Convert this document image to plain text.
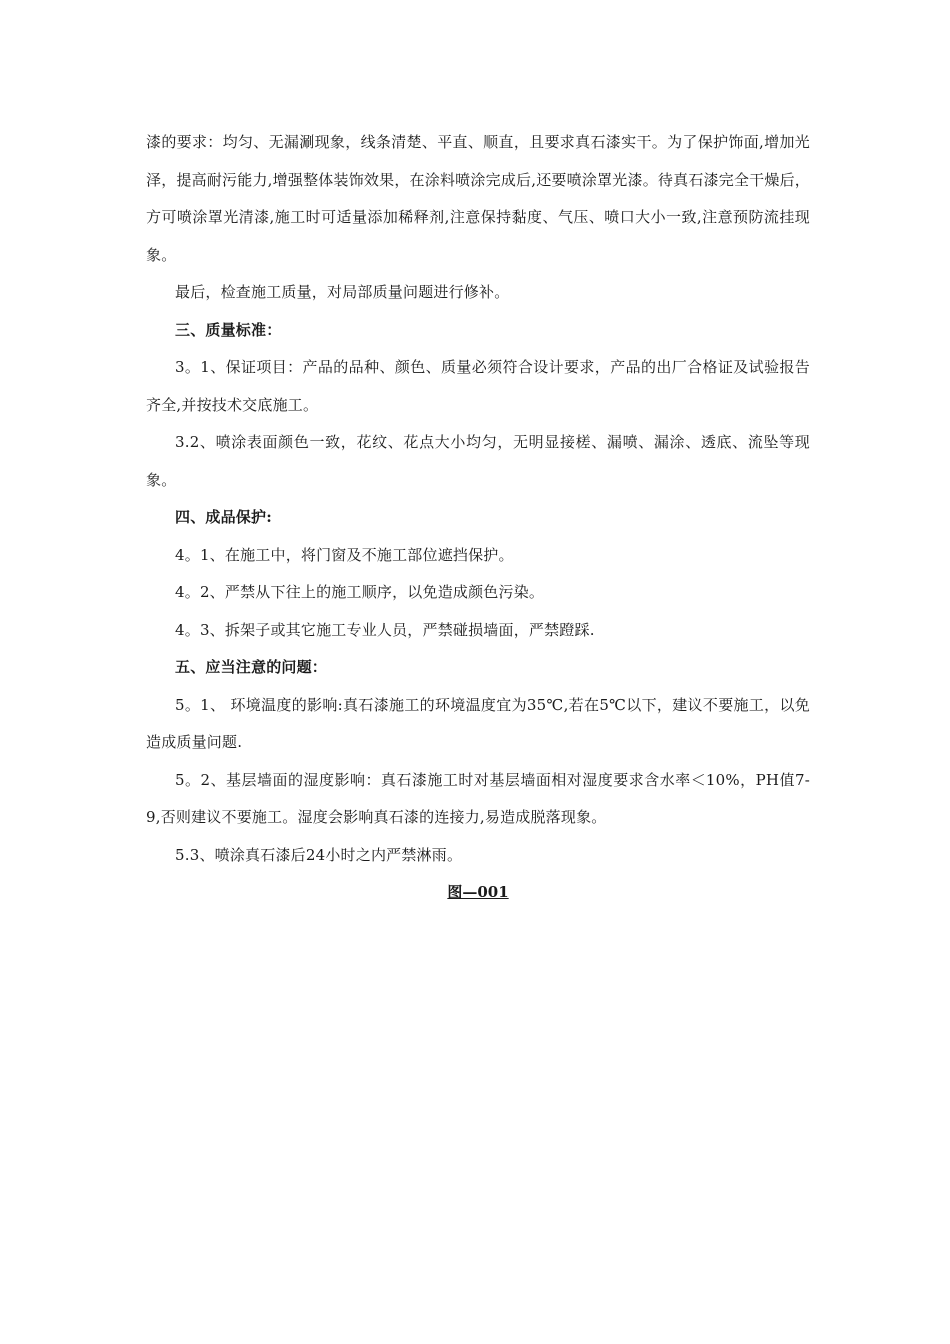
漆的要求：均匀、无漏涮现象，线条清楚、平直、顺直，且要求真石漆实干。为了保护饰面,增加光泽，提高耐污能力,增强整体装饰效果，在涂料喷涂完成后,还要喷涂罩光漆。待真石漆完全干燥后，方可喷涂罩光清漆,施工时可适量添加稀释剂,注意保持黏度、气压、喷口大小一致,注意预防流挂现象。

最后，检查施工质量，对局部质量问题进行修补。

三、质量标准：

3。1、保证项目：产品的品种、颜色、质量必须符合设计要求，产品的出厂合格证及试验报告齐全,并按技术交底施工。

3.2、喷涂表面颜色一致，花纹、花点大小均匀，无明显接槎、漏喷、漏涂、透底、流坠等现象。

四、成品保护:

4。1、在施工中，将门窗及不施工部位遮挡保护。

4。2、严禁从下往上的施工顺序，以免造成颜色污染。

4。3、拆架子或其它施工专业人员，严禁碰损墙面，严禁蹬踩.

五、应当注意的问题：

5。1、 环境温度的影响:真石漆施工的环境温度宜为35℃,若在5℃以下，建议不要施工，以免造成质量问题.

5。2、基层墙面的湿度影响：真石漆施工时对基层墙面相对湿度要求含水率＜10%，PH值7-9,否则建议不要施工。湿度会影响真石漆的连接力,易造成脱落现象。

5.3、喷涂真石漆后24小时之内严禁淋雨。

图—001
